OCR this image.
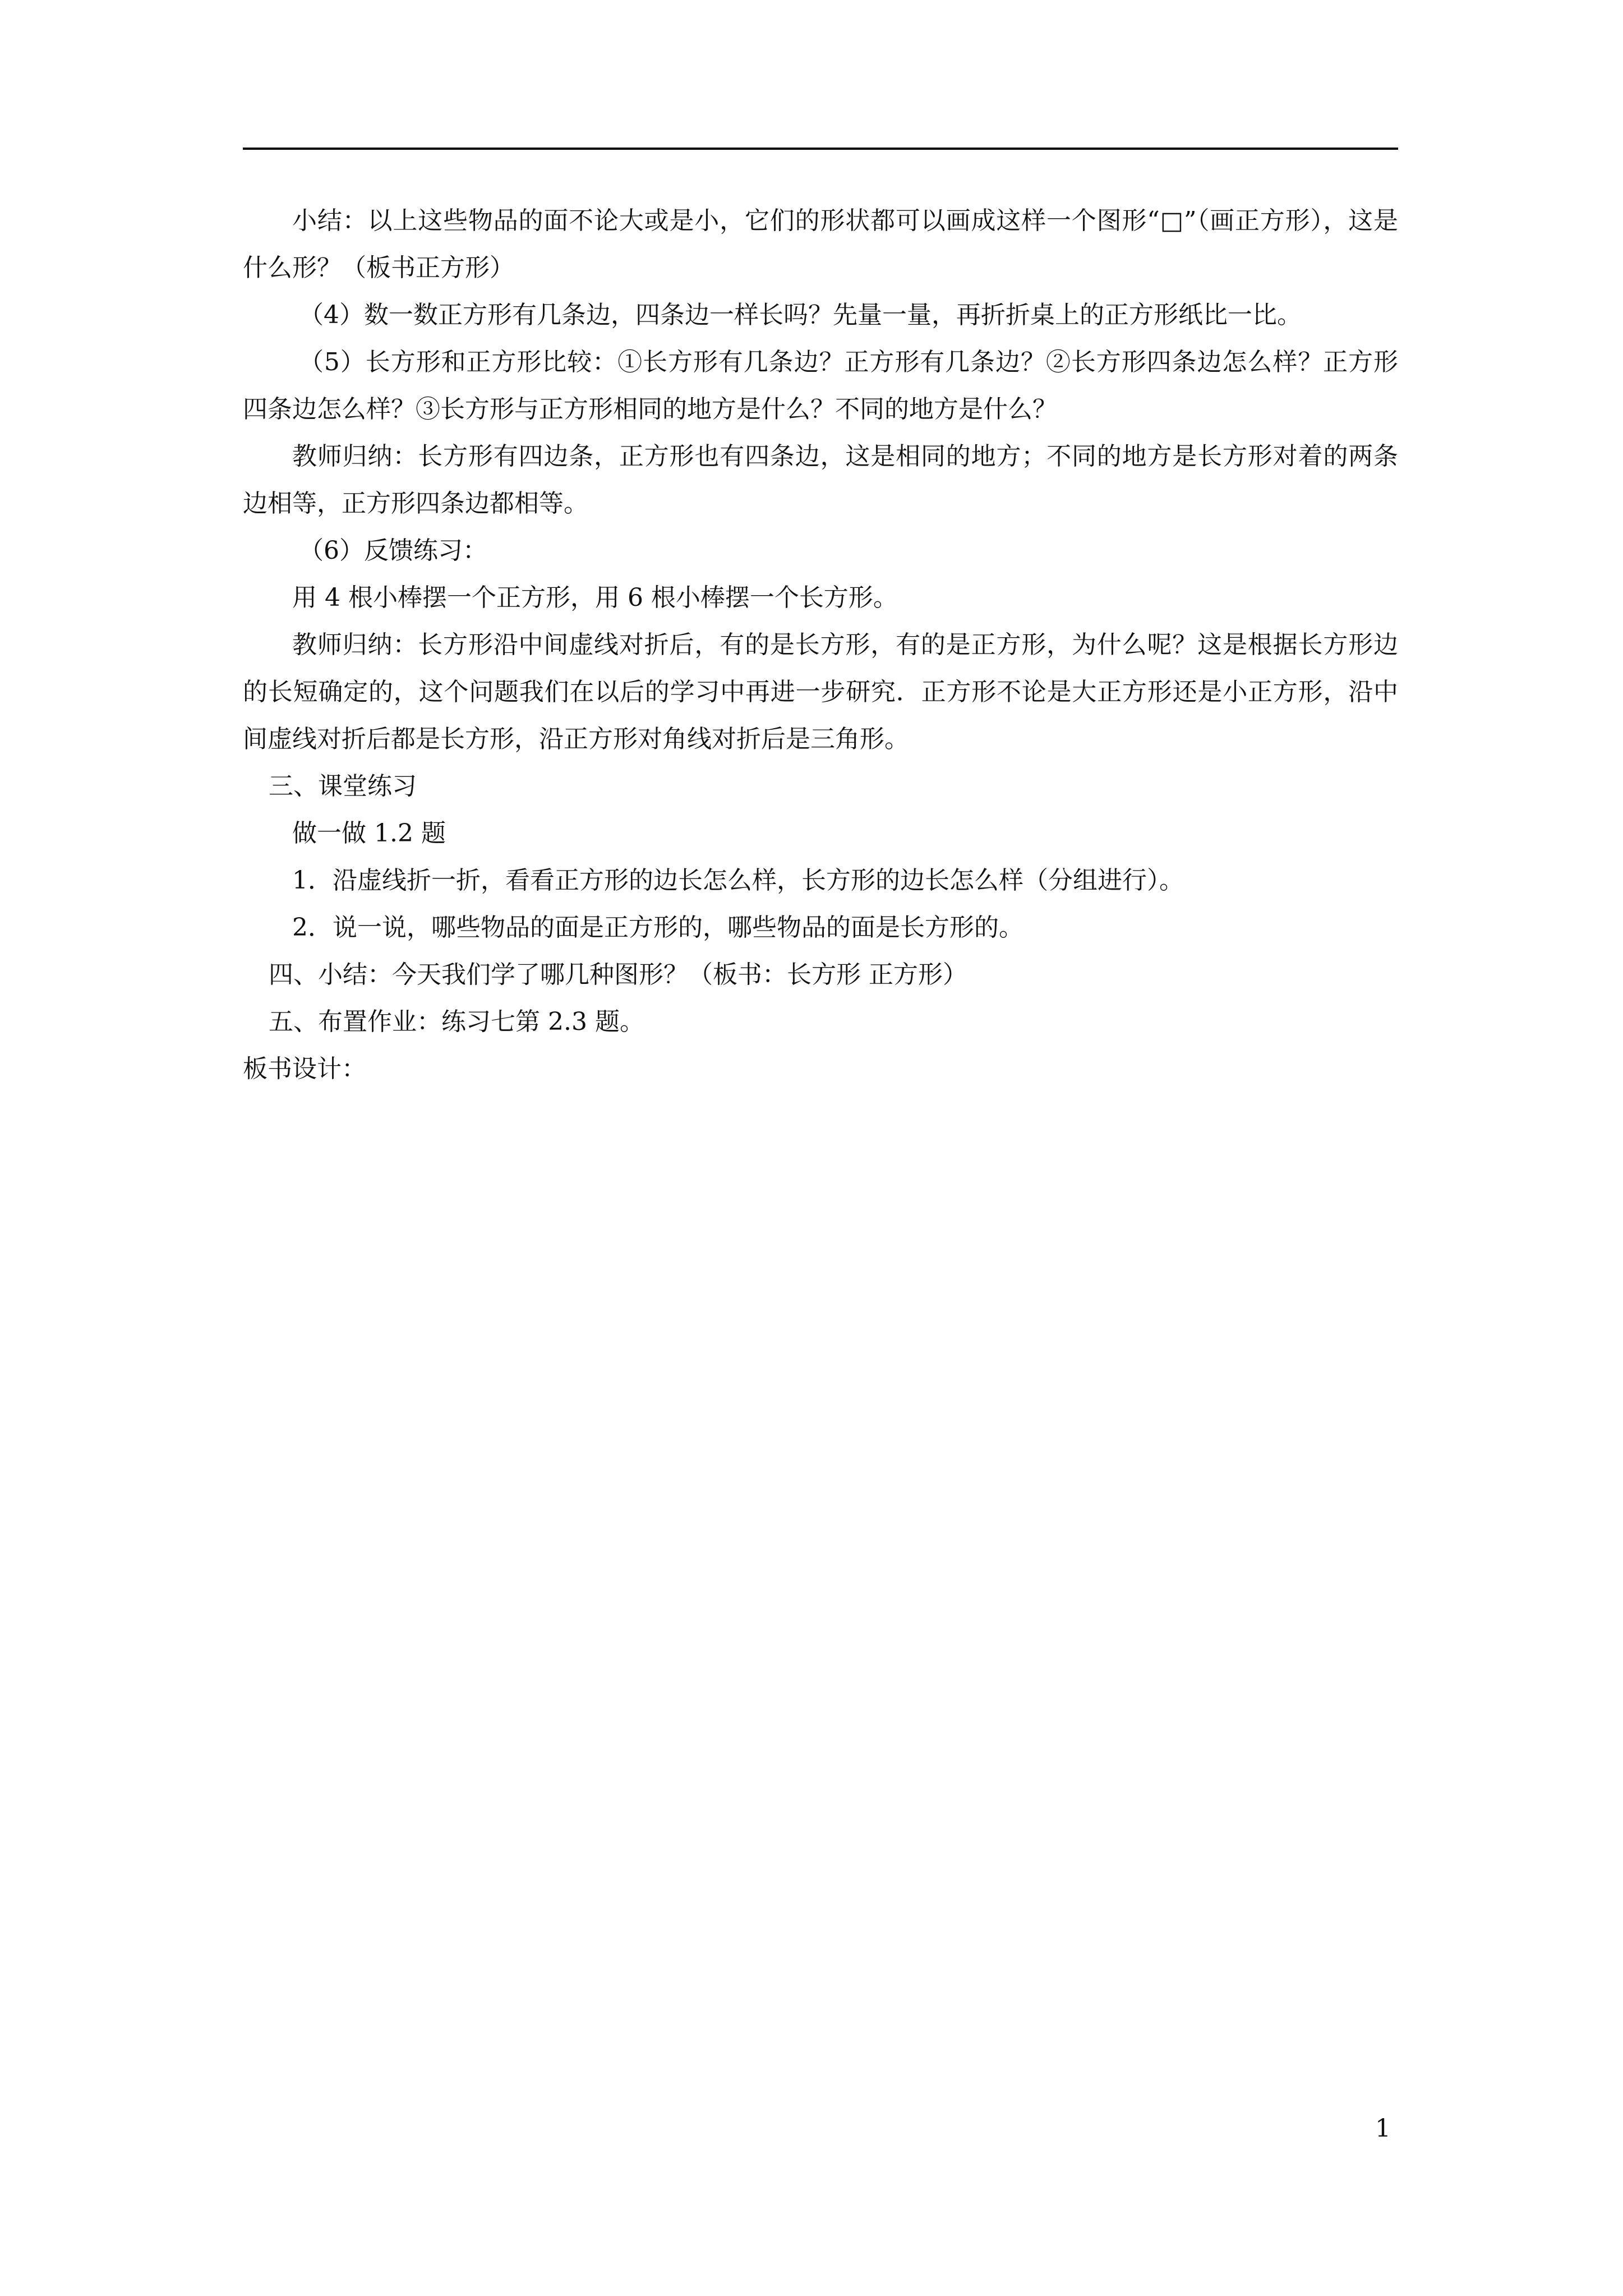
小结：以上这些物品的面不论大或是小，它们的形状都可以画成这样一个图形“□”（画正方形），这是什么形？（板书正方形）

（4）数一数正方形有几条边，四条边一样长吗？先量一量，再折折桌上的正方形纸比一比。

（5）长方形和正方形比较：①长方形有几条边？正方形有几条边？②长方形四条边怎么样？正方形四条边怎么样？③长方形与正方形相同的地方是什么？不同的地方是什么？

教师归纳：长方形有四边条，正方形也有四条边，这是相同的地方；不同的地方是长方形对着的两条边相等，正方形四条边都相等。

（6）反馈练习：

用 4 根小棒摆一个正方形，用 6 根小棒摆一个长方形。

教师归纳：长方形沿中间虚线对折后，有的是长方形，有的是正方形，为什么呢？这是根据长方形边的长短确定的，这个问题我们在以后的学习中再进一步研究．正方形不论是大正方形还是小正方形，沿中间虚线对折后都是长方形，沿正方形对角线对折后是三角形。

三、课堂练习

做一做 1.2 题

1．沿虚线折一折，看看正方形的边长怎么样，长方形的边长怎么样（分组进行）。

2．说一说，哪些物品的面是正方形的，哪些物品的面是长方形的。

四、小结：今天我们学了哪几种图形？（板书：长方形 正方形）

五、布置作业：练习七第 2.3 题。

板书设计：

1
